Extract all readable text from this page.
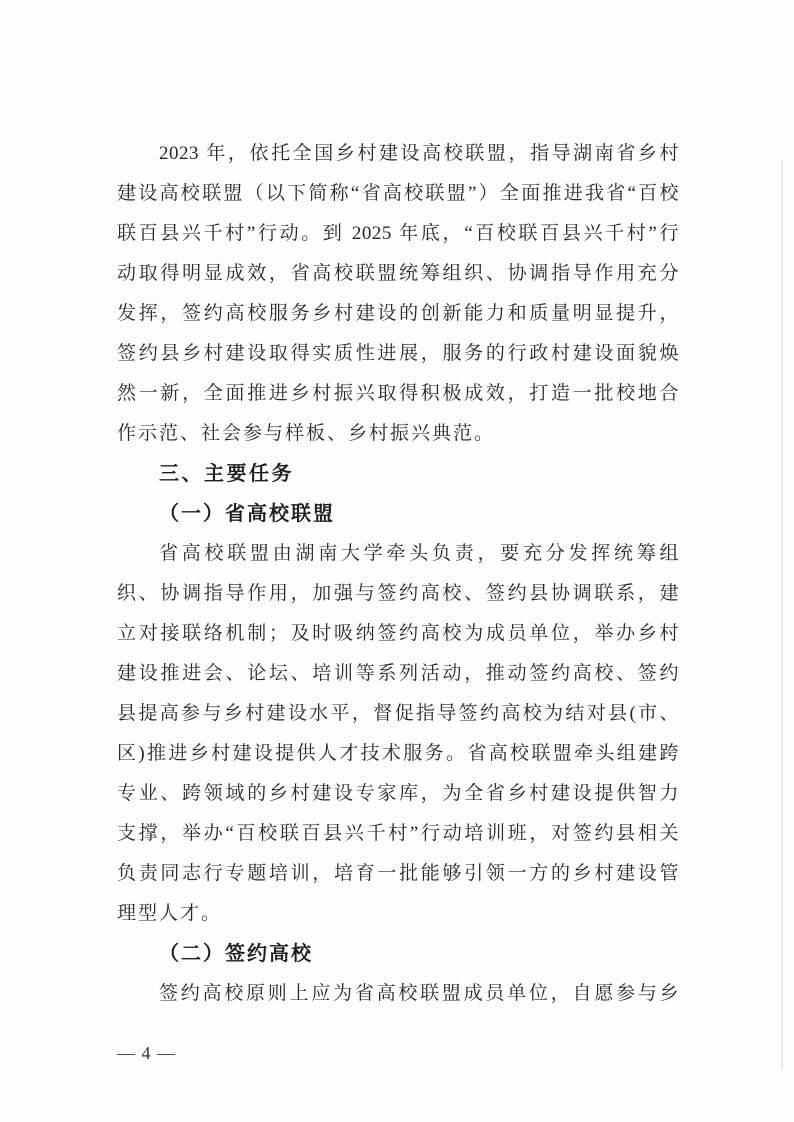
2023 年，依托全国乡村建设高校联盟，指导湖南省乡村
建设高校联盟（以下简称“省高校联盟”）全面推进我省“百校
联百县兴千村”行动。到 2025 年底，“百校联百县兴千村”行
动取得明显成效，省高校联盟统筹组织、协调指导作用充分
发挥，签约高校服务乡村建设的创新能力和质量明显提升，
签约县乡村建设取得实质性进展，服务的行政村建设面貌焕
然一新，全面推进乡村振兴取得积极成效，打造一批校地合
作示范、社会参与样板、乡村振兴典范。
三、主要任务
（一）省高校联盟
省高校联盟由湖南大学牵头负责，要充分发挥统筹组
织、协调指导作用，加强与签约高校、签约县协调联系，建
立对接联络机制；及时吸纳签约高校为成员单位，举办乡村
建设推进会、论坛、培训等系列活动，推动签约高校、签约
县提高参与乡村建设水平，督促指导签约高校为结对县(市、
区)推进乡村建设提供人才技术服务。省高校联盟牵头组建跨
专业、跨领域的乡村建设专家库，为全省乡村建设提供智力
支撑，举办“百校联百县兴千村”行动培训班，对签约县相关
负责同志行专题培训，培育一批能够引领一方的乡村建设管
理型人才。
（二）签约高校
签约高校原则上应为省高校联盟成员单位，自愿参与乡
— 4 —
